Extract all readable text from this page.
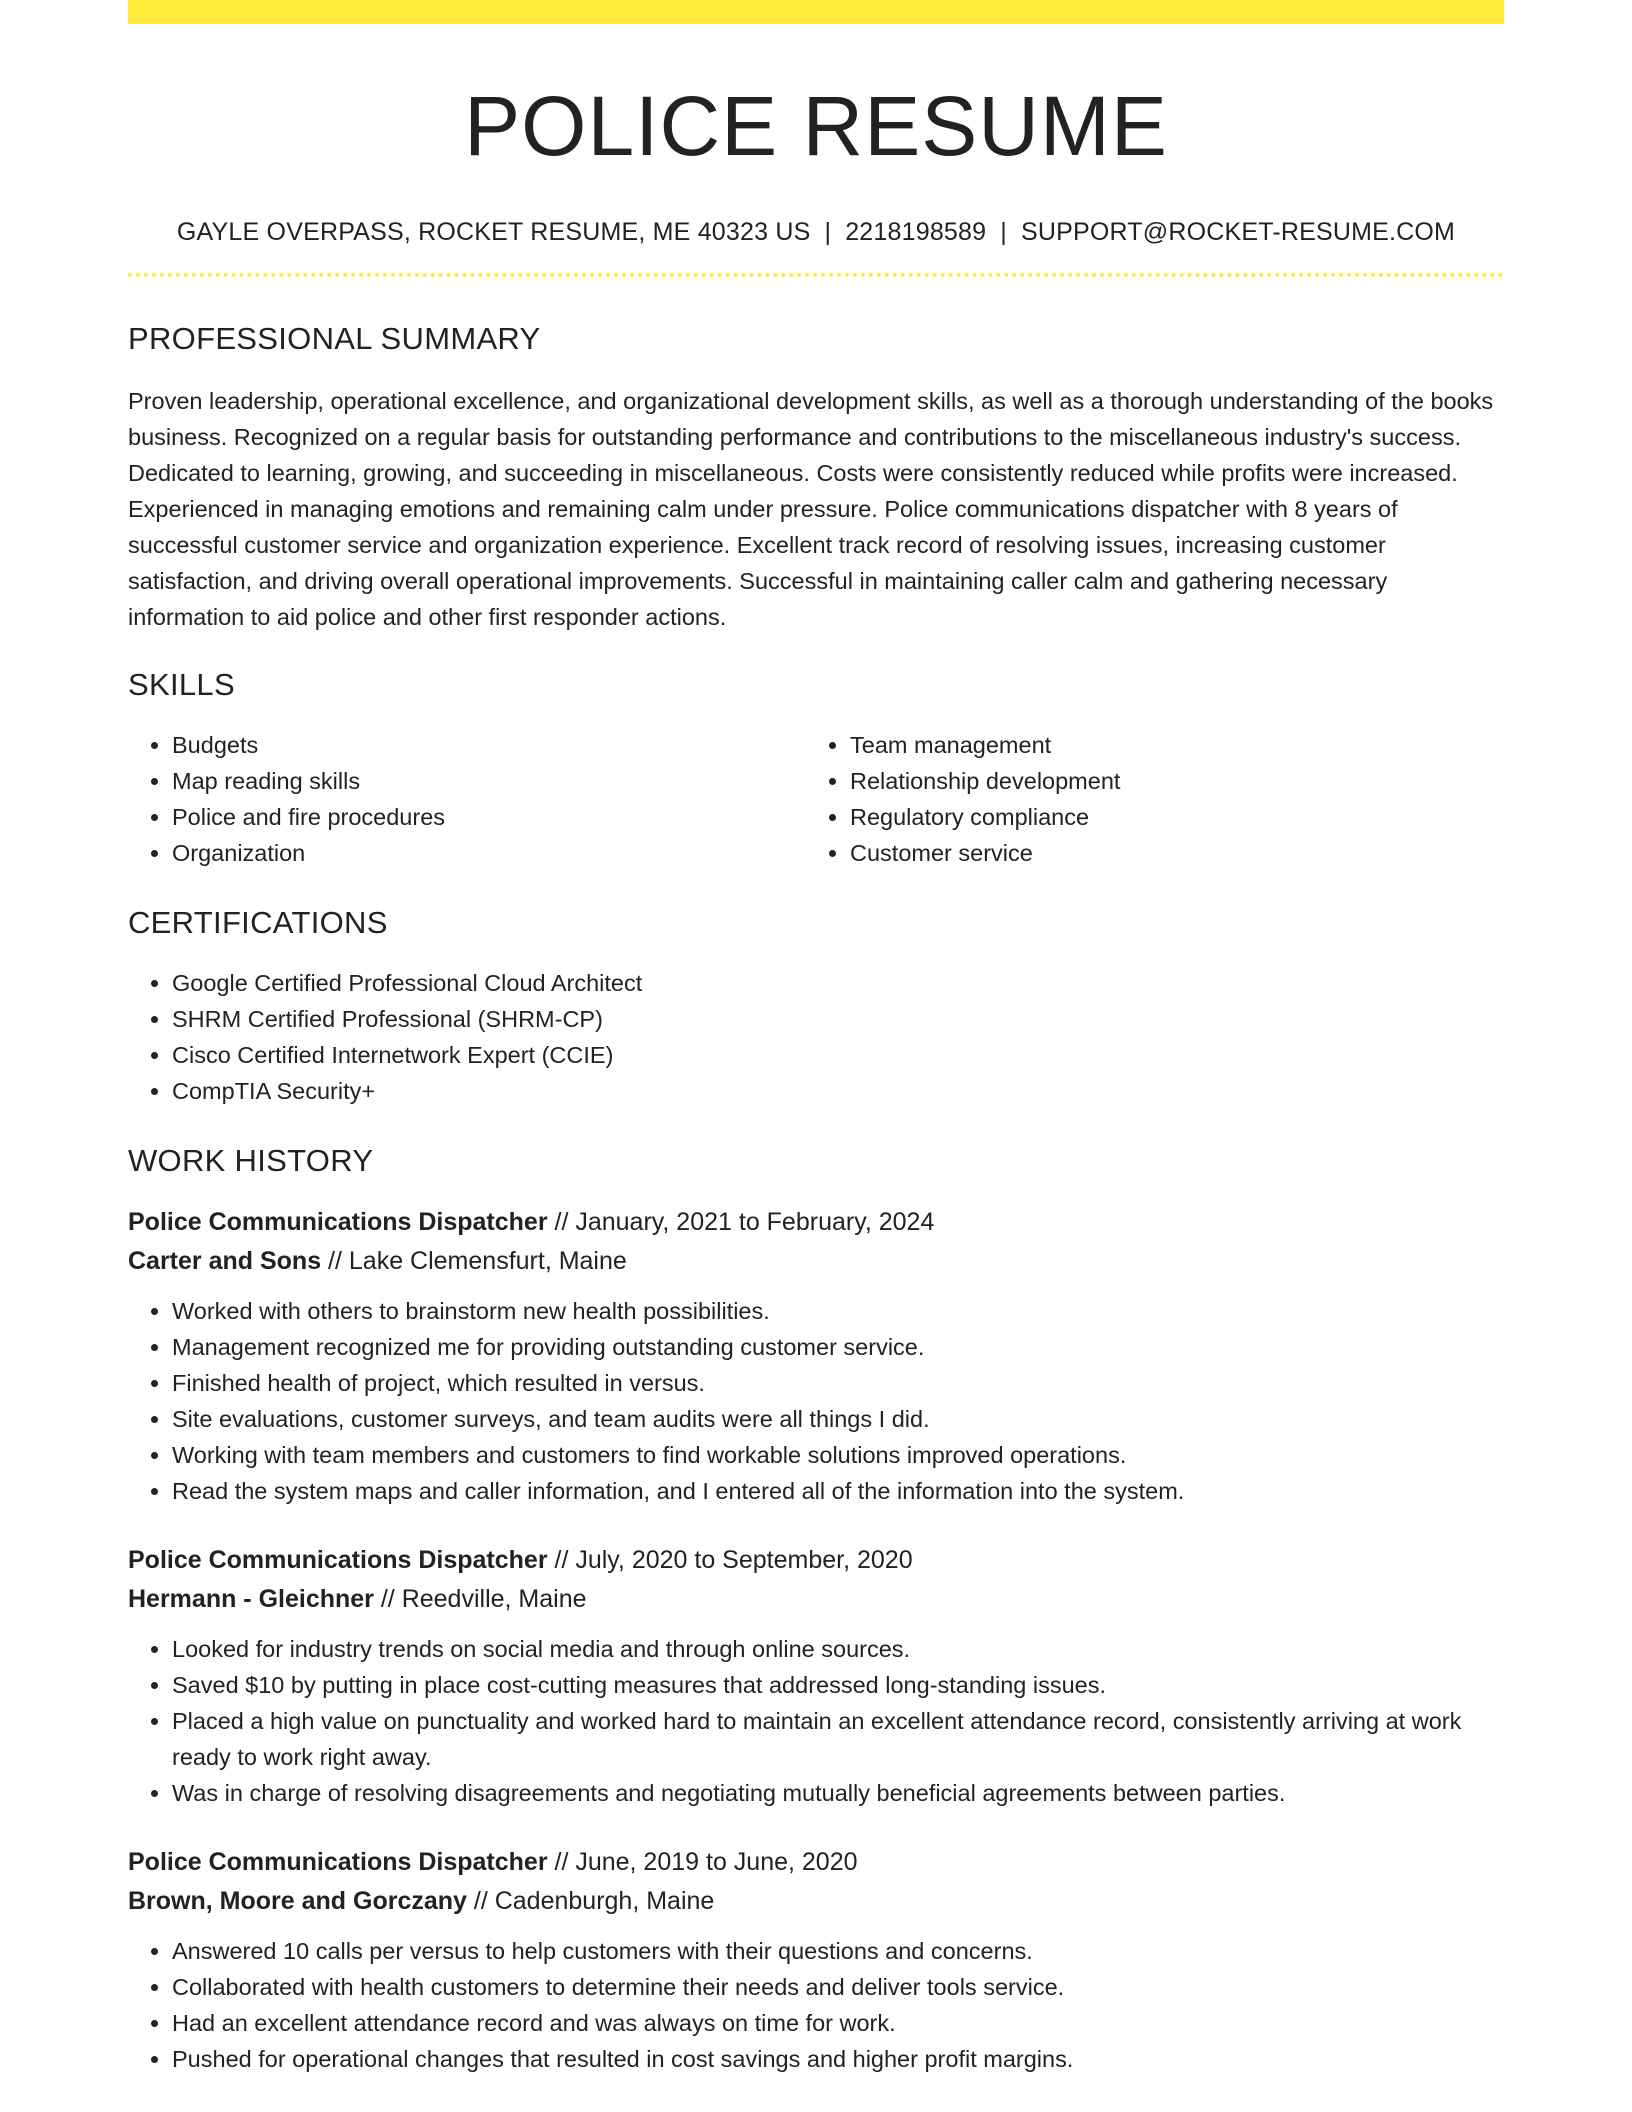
POLICE RESUME
GAYLE OVERPASS, ROCKET RESUME, ME 40323 US | 2218198589 | SUPPORT@ROCKET-RESUME.COM
PROFESSIONAL SUMMARY

Proven leadership, operational excellence, and organizational development skills, as well as a thorough understanding of the books business. Recognized on a regular basis for outstanding performance and contributions to the miscellaneous industry's success. Dedicated to learning, growing, and succeeding in miscellaneous. Costs were consistently reduced while profits were increased. Experienced in managing emotions and remaining calm under pressure. Police communications dispatcher with 8 years of successful customer service and organization experience. Excellent track record of resolving issues, increasing customer satisfaction, and driving overall operational improvements. Successful in maintaining caller calm and gathering necessary information to aid police and other first responder actions.

SKILLS
• Budgets
• Map reading skills
• Police and fire procedures
• Organization
• Team management
• Relationship development
• Regulatory compliance
• Customer service
CERTIFICATIONS
• Google Certified Professional Cloud Architect
• SHRM Certified Professional (SHRM-CP)
• Cisco Certified Internetwork Expert (CCIE)
• CompTIA Security+
WORK HISTORY
Police Communications Dispatcher // January, 2021 to February, 2024
Carter and Sons // Lake Clemensfurt, Maine
• Worked with others to brainstorm new health possibilities.
• Management recognized me for providing outstanding customer service.
• Finished health of project, which resulted in versus.
• Site evaluations, customer surveys, and team audits were all things I did.
• Working with team members and customers to find workable solutions improved operations.
• Read the system maps and caller information, and I entered all of the information into the system.
Police Communications Dispatcher // July, 2020 to September, 2020
Hermann - Gleichner // Reedville, Maine
• Looked for industry trends on social media and through online sources.
• Saved $10 by putting in place cost-cutting measures that addressed long-standing issues.
• Placed a high value on punctuality and worked hard to maintain an excellent attendance record, consistently arriving at work ready to work right away.
• Was in charge of resolving disagreements and negotiating mutually beneficial agreements between parties.
Police Communications Dispatcher // June, 2019 to June, 2020
Brown, Moore and Gorczany // Cadenburgh, Maine
• Answered 10 calls per versus to help customers with their questions and concerns.
• Collaborated with health customers to determine their needs and deliver tools service.
• Had an excellent attendance record and was always on time for work.
• Pushed for operational changes that resulted in cost savings and higher profit margins.
